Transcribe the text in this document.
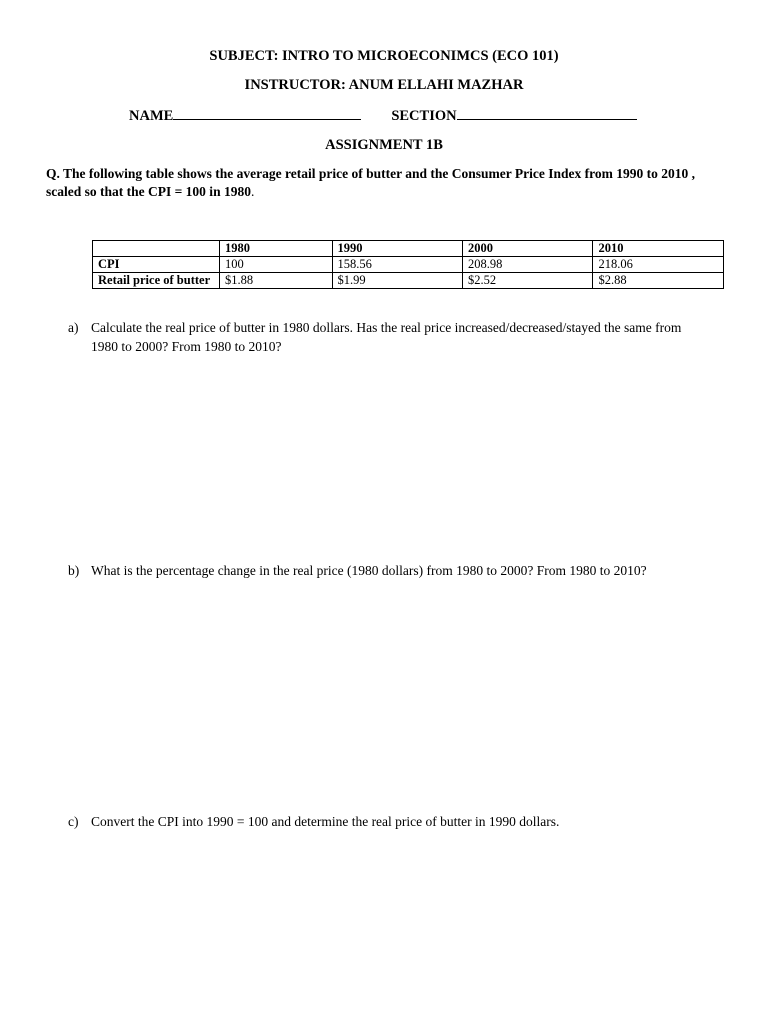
SUBJECT: INTRO TO MICROECONIMCS (ECO 101)
INSTRUCTOR: ANUM ELLAHI MAZHAR
NAME	SECTION
ASSIGNMENT 1B
Q. The following table shows the average retail price of butter and the Consumer Price Index from 1990 to 2010 , scaled so that the CPI = 100 in 1980.
	1980	1990	2000	2010
CPI	100	158.56	208.98	218.06
Retail price of butter	$1.88	$1.99	$2.52	$2.88
a) Calculate the real price of butter in 1980 dollars. Has the real price increased/decreased/stayed the same from 1980 to 2000? From 1980 to 2010?
b) What is the percentage change in the real price (1980 dollars) from 1980 to 2000? From 1980 to 2010?
c) Convert the CPI into 1990 = 100 and determine the real price of butter in 1990 dollars.
